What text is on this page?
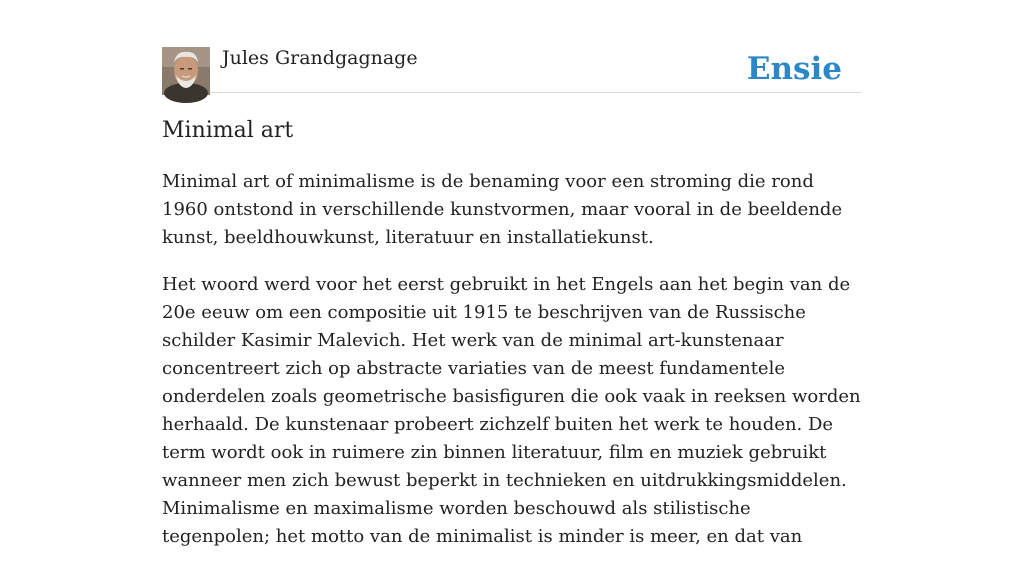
Jules Grandgagnage	Ensie
Minimal art

Minimal art of minimalisme is de benaming voor een stroming die rond 1960 ontstond in verschillende kunstvormen, maar vooral in de beeldende kunst, beeldhouwkunst, literatuur en installatiekunst.

Het woord werd voor het eerst gebruikt in het Engels aan het begin van de 20e eeuw om een compositie uit 1915 te beschrijven van de Russische schilder Kasimir Malevich. Het werk van de minimal art-kunstenaar concentreert zich op abstracte variaties van de meest fundamentele onderdelen zoals geometrische basisfiguren die ook vaak in reeksen worden herhaald. De kunstenaar probeert zichzelf buiten het werk te houden. De term wordt ook in ruimere zin binnen literatuur, film en muziek gebruikt wanneer men zich bewust beperkt in technieken en uitdrukkingsmiddelen. Minimalisme en maximalisme worden beschouwd als stilistische tegenpolen; het motto van de minimalist is minder is meer, en dat van
